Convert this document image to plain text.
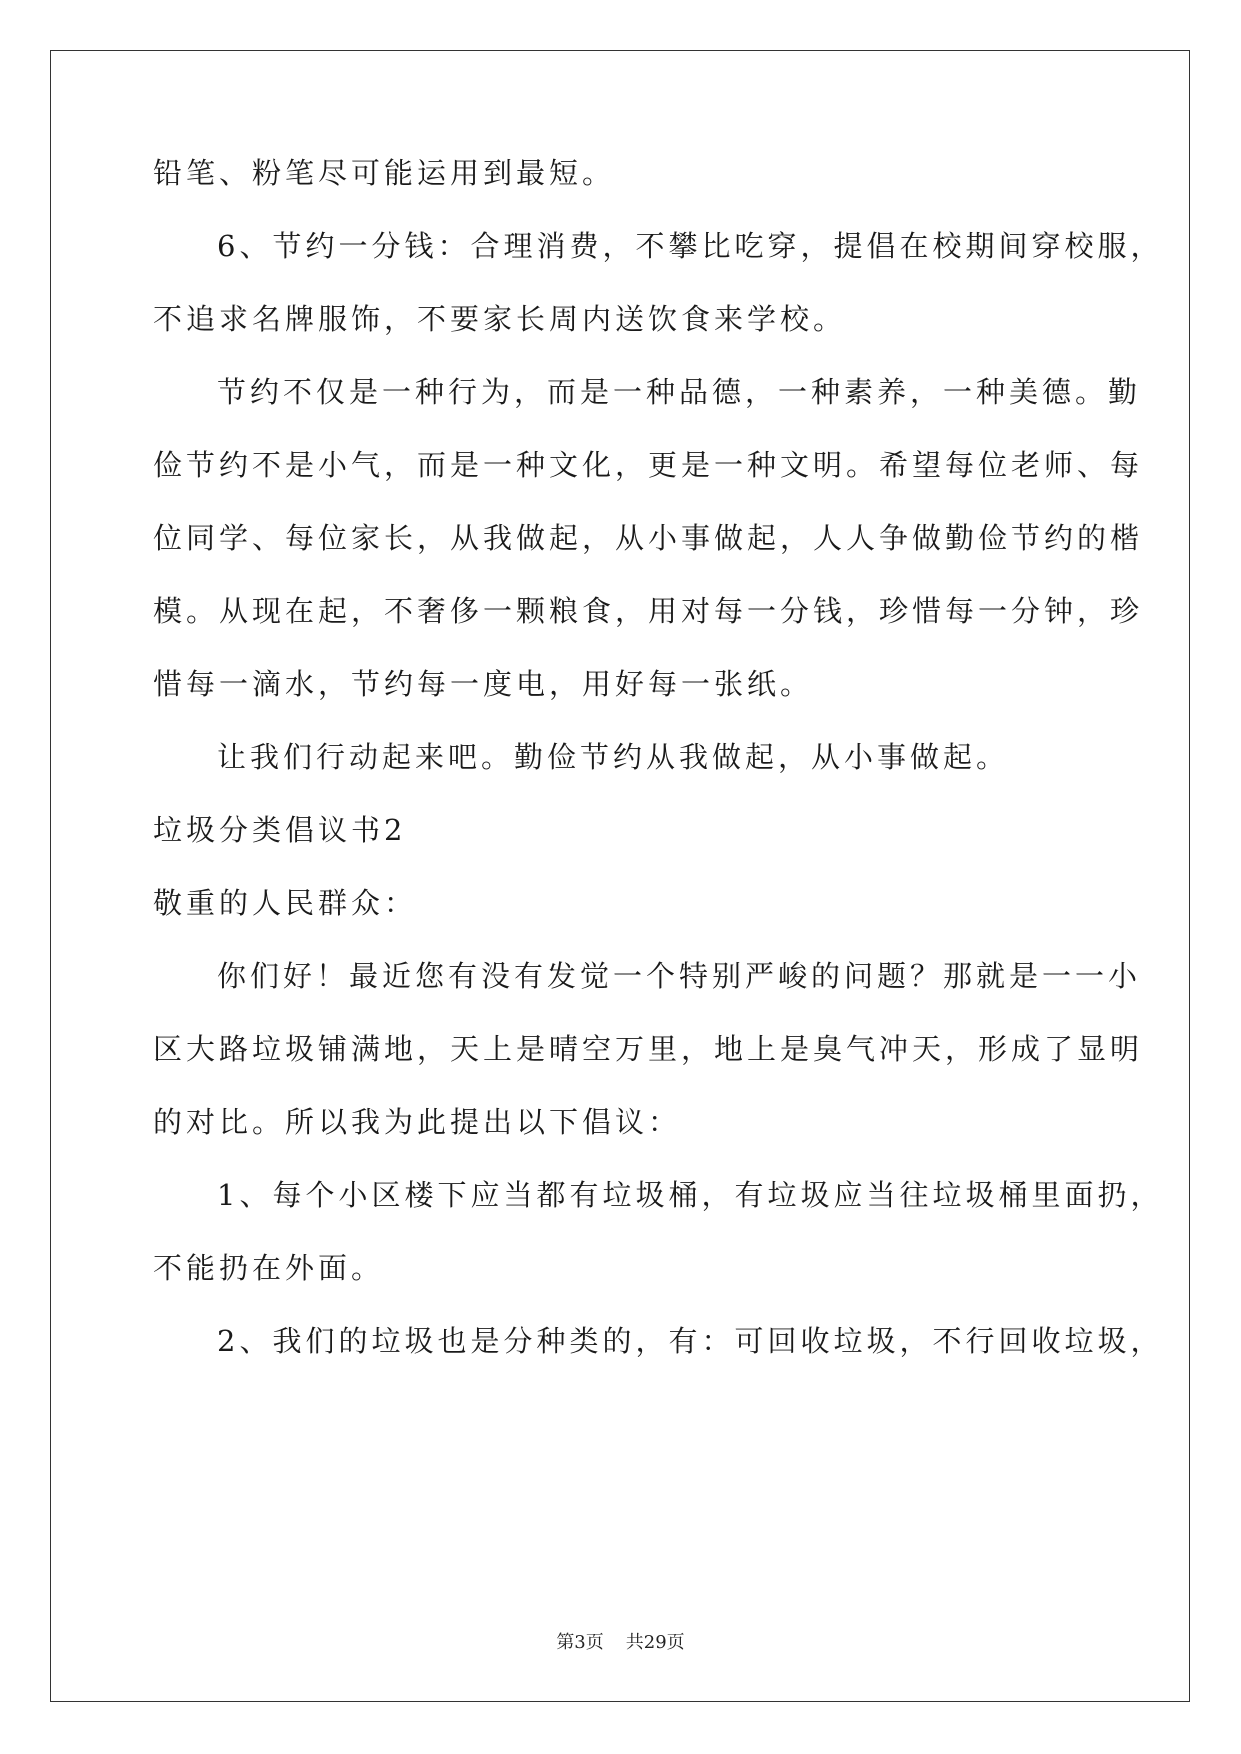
铅笔、粉笔尽可能运用到最短。
6、节约一分钱：合理消费，不攀比吃穿，提倡在校期间穿校服，
不追求名牌服饰，不要家长周内送饮食来学校。
节约不仅是一种行为，而是一种品德，一种素养，一种美德。勤
俭节约不是小气，而是一种文化，更是一种文明。希望每位老师、每
位同学、每位家长，从我做起，从小事做起，人人争做勤俭节约的楷
模。从现在起，不奢侈一颗粮食，用对每一分钱，珍惜每一分钟，珍
惜每一滴水，节约每一度电，用好每一张纸。
让我们行动起来吧。勤俭节约从我做起，从小事做起。
垃圾分类倡议书2
敬重的人民群众：
你们好！最近您有没有发觉一个特别严峻的问题？那就是一一小
区大路垃圾铺满地，天上是晴空万里，地上是臭气冲天，形成了显明
的对比。所以我为此提出以下倡议：
1、每个小区楼下应当都有垃圾桶，有垃圾应当往垃圾桶里面扔，
不能扔在外面。
2、我们的垃圾也是分种类的，有：可回收垃圾，不行回收垃圾，
第3页 共29页
